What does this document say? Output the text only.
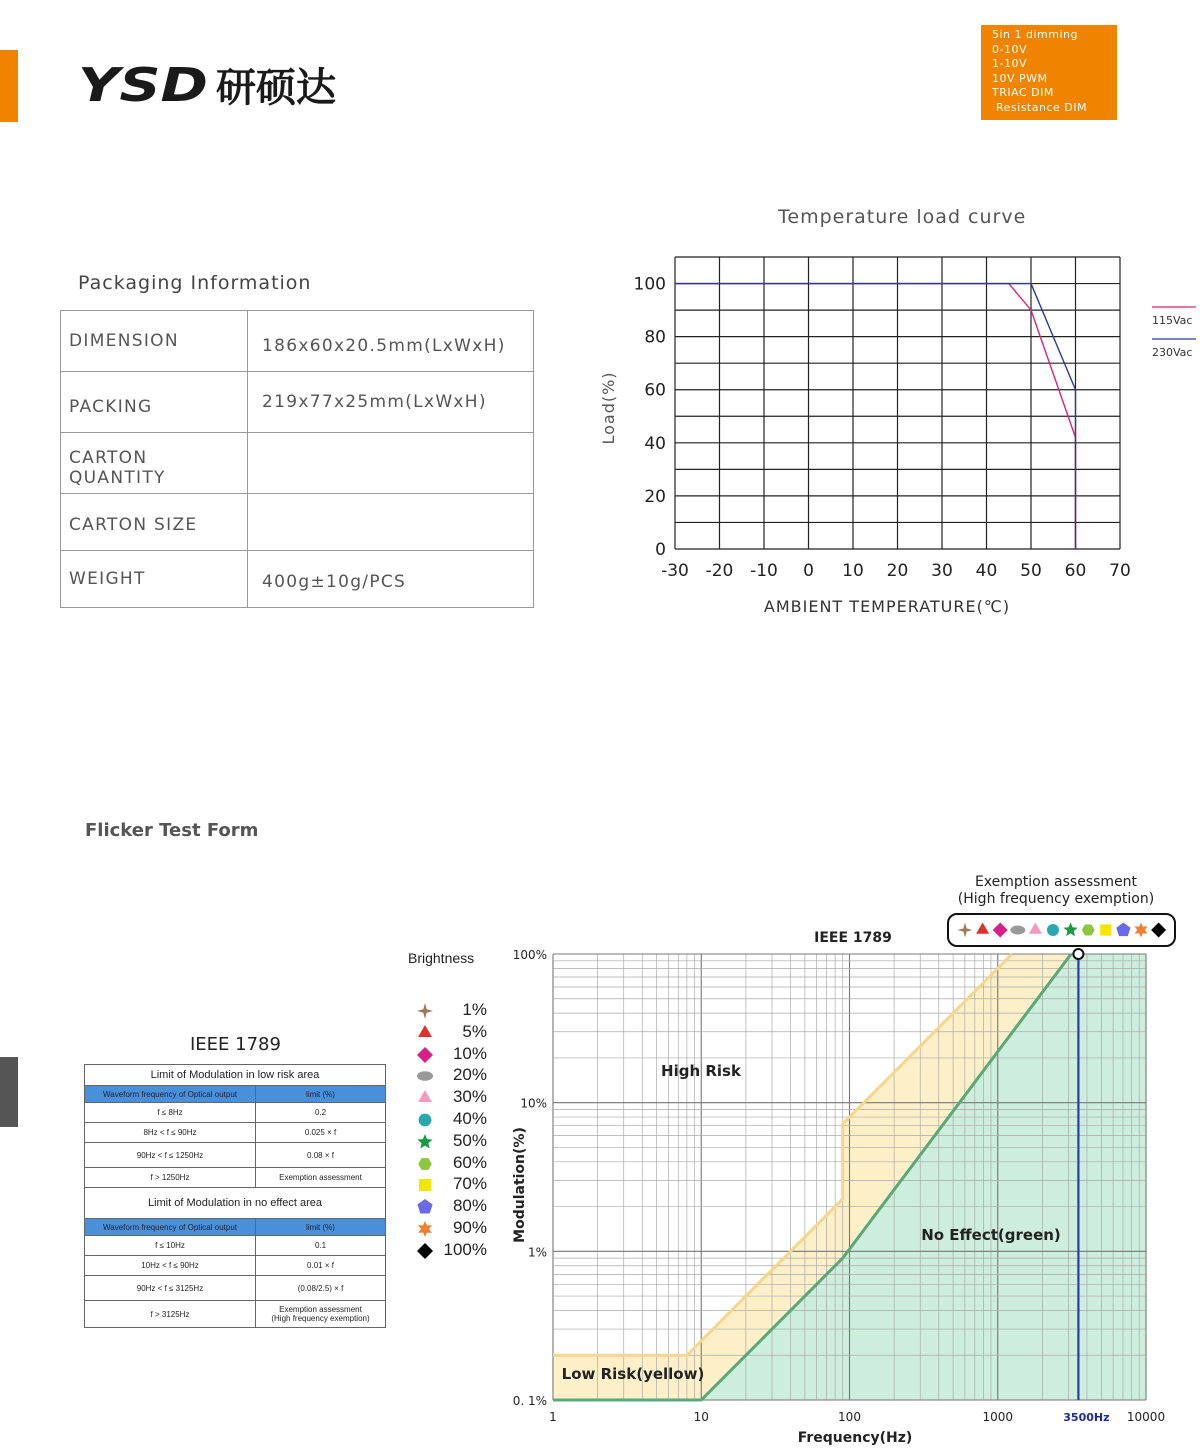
YSD 研硕达
5in 1 dimming
0-10V
1-10V
10V PWM
TRIAC DIM
Resistance DIM
Packaging Information
DIMENSION	186x60x20.5mm(LxWxH)
PACKING	219x77x25mm(LxWxH)
CARTON QUANTITY	
CARTON SIZE	
WEIGHT	400g±10g/PCS
Temperature load curve
-30 -20 -10 0 10 20 30 40 50 60 70
0
20
40
60
80
100
115Vac
230Vac
AMBIENT TEMPERATURE(℃)
Load(%)
Flicker Test Form
IEEE 1789
Limit of Modulation in low risk area	
Waveform frequency of Optical output	limit (%)
f ≤ 8Hz	0.2
8Hz < f ≤ 90Hz	0.025 × f
90Hz < f ≤ 1250Hz	0.08 × f
f > 1250Hz	Exemption assessment
Limit of Modulation in no effect area	
Waveform frequency of Optical output	limit (%)
f ≤ 10Hz	0.1
10Hz < f ≤ 90Hz	0.01 × f
90Hz < f ≤ 3125Hz	(0.08/2.5) × f
f > 3125Hz	Exemption assessment
(High frequency exemption)
Brightness
1%
5%
10%
20%
30%
40%
50%
60%
70%
80%
90%
100%
100%
10%
1%
0. 1%
1	10	100	1000	3500Hz 10000
IEEE 1789
Exemption assessment
(High frequency exemption)
High Risk
Low Risk(yellow)
No Effect(green)
Frequency(Hz)
Modulation(%)
